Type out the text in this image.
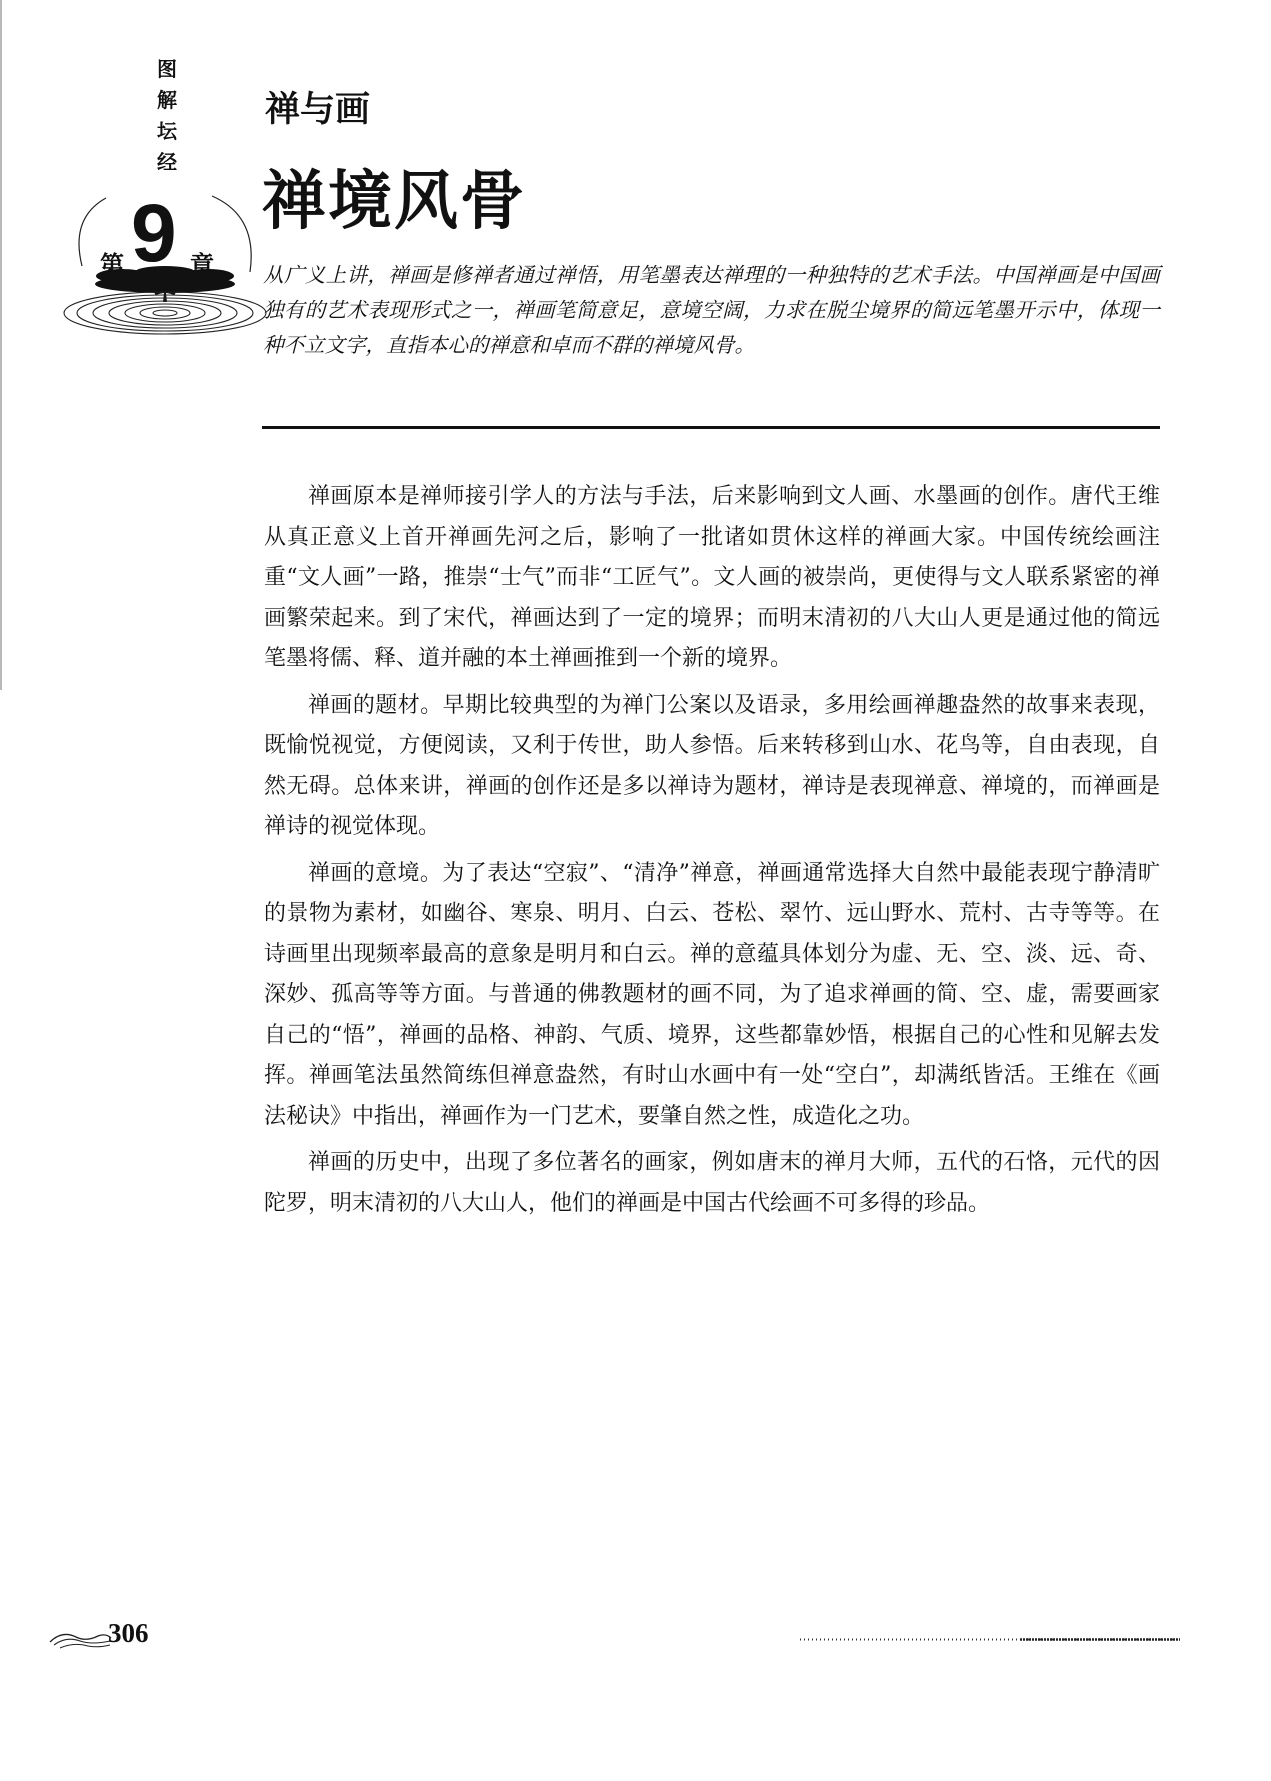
图
解
坛
经
第 9 章
禅与画
禅境风骨
从广义上讲，禅画是修禅者通过禅悟，用笔墨表达禅理的一种独特的艺术手法。中国禅画是中国画独有的艺术表现形式之一，禅画笔简意足，意境空阔，力求在脱尘境界的简远笔墨开示中，体现一种不立文字，直指本心的禅意和卓而不群的禅境风骨。

禅画原本是禅师接引学人的方法与手法，后来影响到文人画、水墨画的创作。唐代王维从真正意义上首开禅画先河之后，影响了一批诸如贯休这样的禅画大家。中国传统绘画注重“文人画”一路，推崇“士气”而非“工匠气”。文人画的被崇尚，更使得与文人联系紧密的禅画繁荣起来。到了宋代，禅画达到了一定的境界；而明末清初的八大山人更是通过他的简远笔墨将儒、释、道并融的本土禅画推到一个新的境界。

禅画的题材。早期比较典型的为禅门公案以及语录，多用绘画禅趣盎然的故事来表现，既愉悦视觉，方便阅读，又利于传世，助人参悟。后来转移到山水、花鸟等，自由表现，自然无碍。总体来讲，禅画的创作还是多以禅诗为题材，禅诗是表现禅意、禅境的，而禅画是禅诗的视觉体现。

禅画的意境。为了表达“空寂”、“清净”禅意，禅画通常选择大自然中最能表现宁静清旷的景物为素材，如幽谷、寒泉、明月、白云、苍松、翠竹、远山野水、荒村、古寺等等。在诗画里出现频率最高的意象是明月和白云。禅的意蕴具体划分为虚、无、空、淡、远、奇、深妙、孤高等等方面。与普通的佛教题材的画不同，为了追求禅画的简、空、虚，需要画家自己的“悟”，禅画的品格、神韵、气质、境界，这些都靠妙悟，根据自己的心性和见解去发挥。禅画笔法虽然简练但禅意盎然，有时山水画中有一处“空白”，却满纸皆活。王维在《画法秘诀》中指出，禅画作为一门艺术，要肇自然之性，成造化之功。

禅画的历史中，出现了多位著名的画家，例如唐末的禅月大师，五代的石恪，元代的因陀罗，明末清初的八大山人，他们的禅画是中国古代绘画不可多得的珍品。

306
